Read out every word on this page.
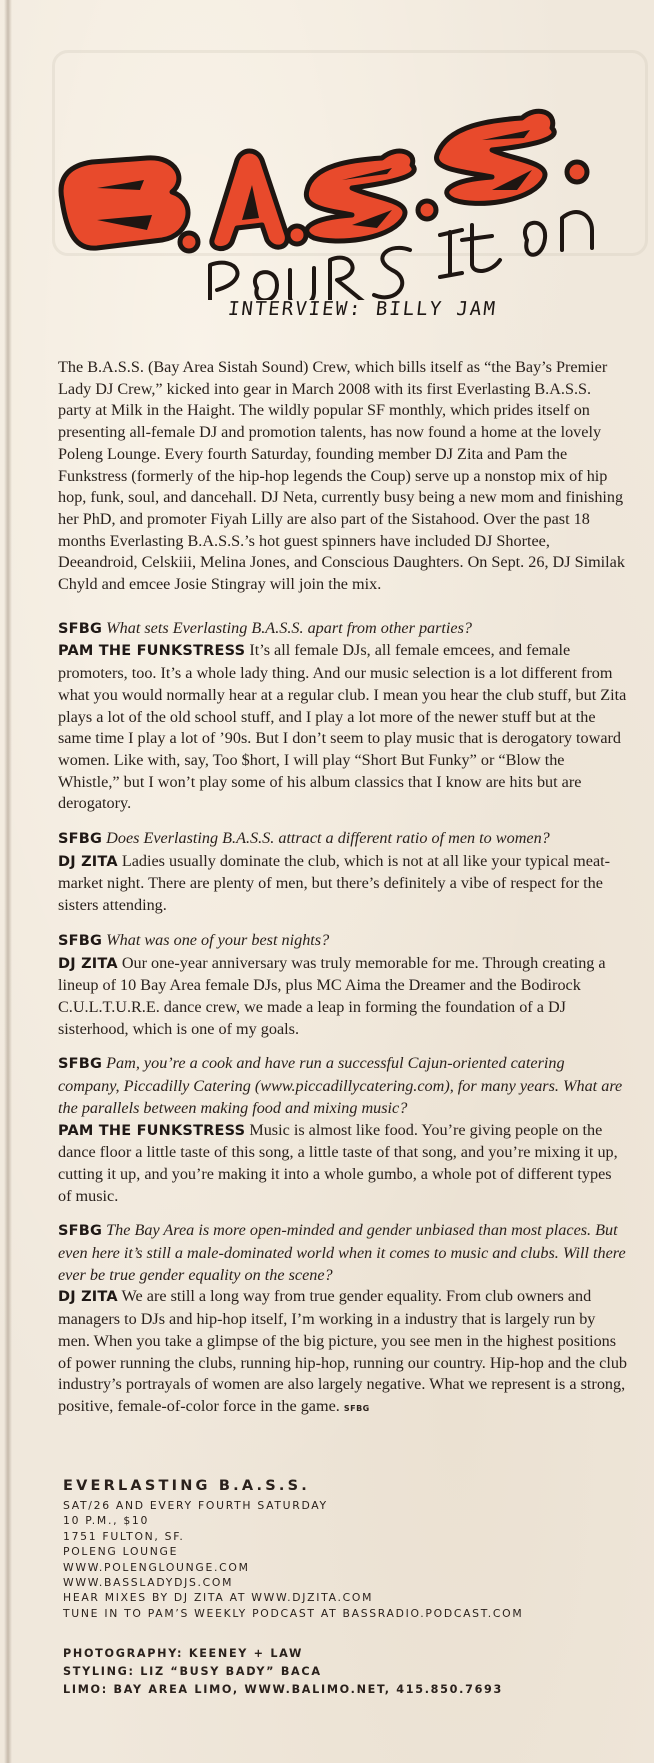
INTERVIEW: BILLY JAM

The B.A.S.S. (Bay Area Sistah Sound) Crew, which bills itself as “the Bay’s Premier Lady DJ Crew,” kicked into gear in March 2008 with its first Everlasting B.A.S.S. party at Milk in the Haight. The wildly popular SF monthly, which prides itself on presenting all-female DJ and promotion talents, has now found a home at the lovely Poleng Lounge. Every fourth Saturday, founding member DJ Zita and Pam the Funkstress (formerly of the hip-hop legends the Coup) serve up a nonstop mix of hip hop, funk, soul, and dancehall. DJ Neta, currently busy being a new mom and finishing her PhD, and promoter Fiyah Lilly are also part of the Sistahood. Over the past 18 months Everlasting B.A.S.S.’s hot guest spinners have included DJ Shortee, Deeandroid, Celskiii, Melina Jones, and Conscious Daughters. On Sept. 26, DJ Similak Chyld and emcee Josie Stingray will join the mix.

SFBG What sets Everlasting B.A.S.S. apart from other parties?

PAM THE FUNKSTRESS It’s all female DJs, all female emcees, and female promoters, too. It’s a whole lady thing. And our music selection is a lot different from what you would normally hear at a regular club. I mean you hear the club stuff, but Zita plays a lot of the old school stuff, and I play a lot more of the newer stuff but at the same time I play a lot of ’90s. But I don’t seem to play music that is derogatory toward women. Like with, say, Too $hort, I will play “Short But Funky” or “Blow the Whistle,” but I won’t play some of his album classics that I know are hits but are derogatory.

SFBG Does Everlasting B.A.S.S. attract a different ratio of men to women?

DJ ZITA Ladies usually dominate the club, which is not at all like your typical meat-market night. There are plenty of men, but there’s definitely a vibe of respect for the sisters attending.

SFBG What was one of your best nights?

DJ ZITA Our one-year anniversary was truly memorable for me. Through creating a lineup of 10 Bay Area female DJs, plus MC Aima the Dreamer and the Bodirock C.U.L.T.U.R.E. dance crew, we made a leap in forming the foundation of a DJ sisterhood, which is one of my goals.

SFBG Pam, you’re a cook and have run a successful Cajun-oriented catering company, Piccadilly Catering (www.piccadillycatering.com), for many years. What are the parallels between making food and mixing music?

PAM THE FUNKSTRESS Music is almost like food. You’re giving people on the dance floor a little taste of this song, a little taste of that song, and you’re mixing it up, cutting it up, and you’re making it into a whole gumbo, a whole pot of different types of music.

SFBG The Bay Area is more open-minded and gender unbiased than most places. But even here it’s still a male-dominated world when it comes to music and clubs. Will there ever be true gender equality on the scene?

DJ ZITA We are still a long way from true gender equality. From club owners and managers to DJs and hip-hop itself, I’m working in a industry that is largely run by men. When you take a glimpse of the big picture, you see men in the highest positions of power running the clubs, running hip-hop, running our country. Hip-hop and the club industry’s portrayals of women are also largely negative. What we represent is a strong, positive, female-of-color force in the game. SFBG

EVERLASTING B.A.S.S.
SAT/26 AND EVERY FOURTH SATURDAY
10 P.M., $10
1751 FULTON, SF.
POLENG LOUNGE
WWW.POLENGLOUNGE.COM
WWW.BASSLADYDJS.COM
HEAR MIXES BY DJ ZITA AT WWW.DJZITA.COM
TUNE IN TO PAM’S WEEKLY PODCAST AT BASSRADIO.PODCAST.COM
PHOTOGRAPHY: KEENEY + LAW
STYLING: LIZ “BUSY BADY” BACA
LIMO: BAY AREA LIMO, WWW.BALIMO.NET, 415.850.7693
